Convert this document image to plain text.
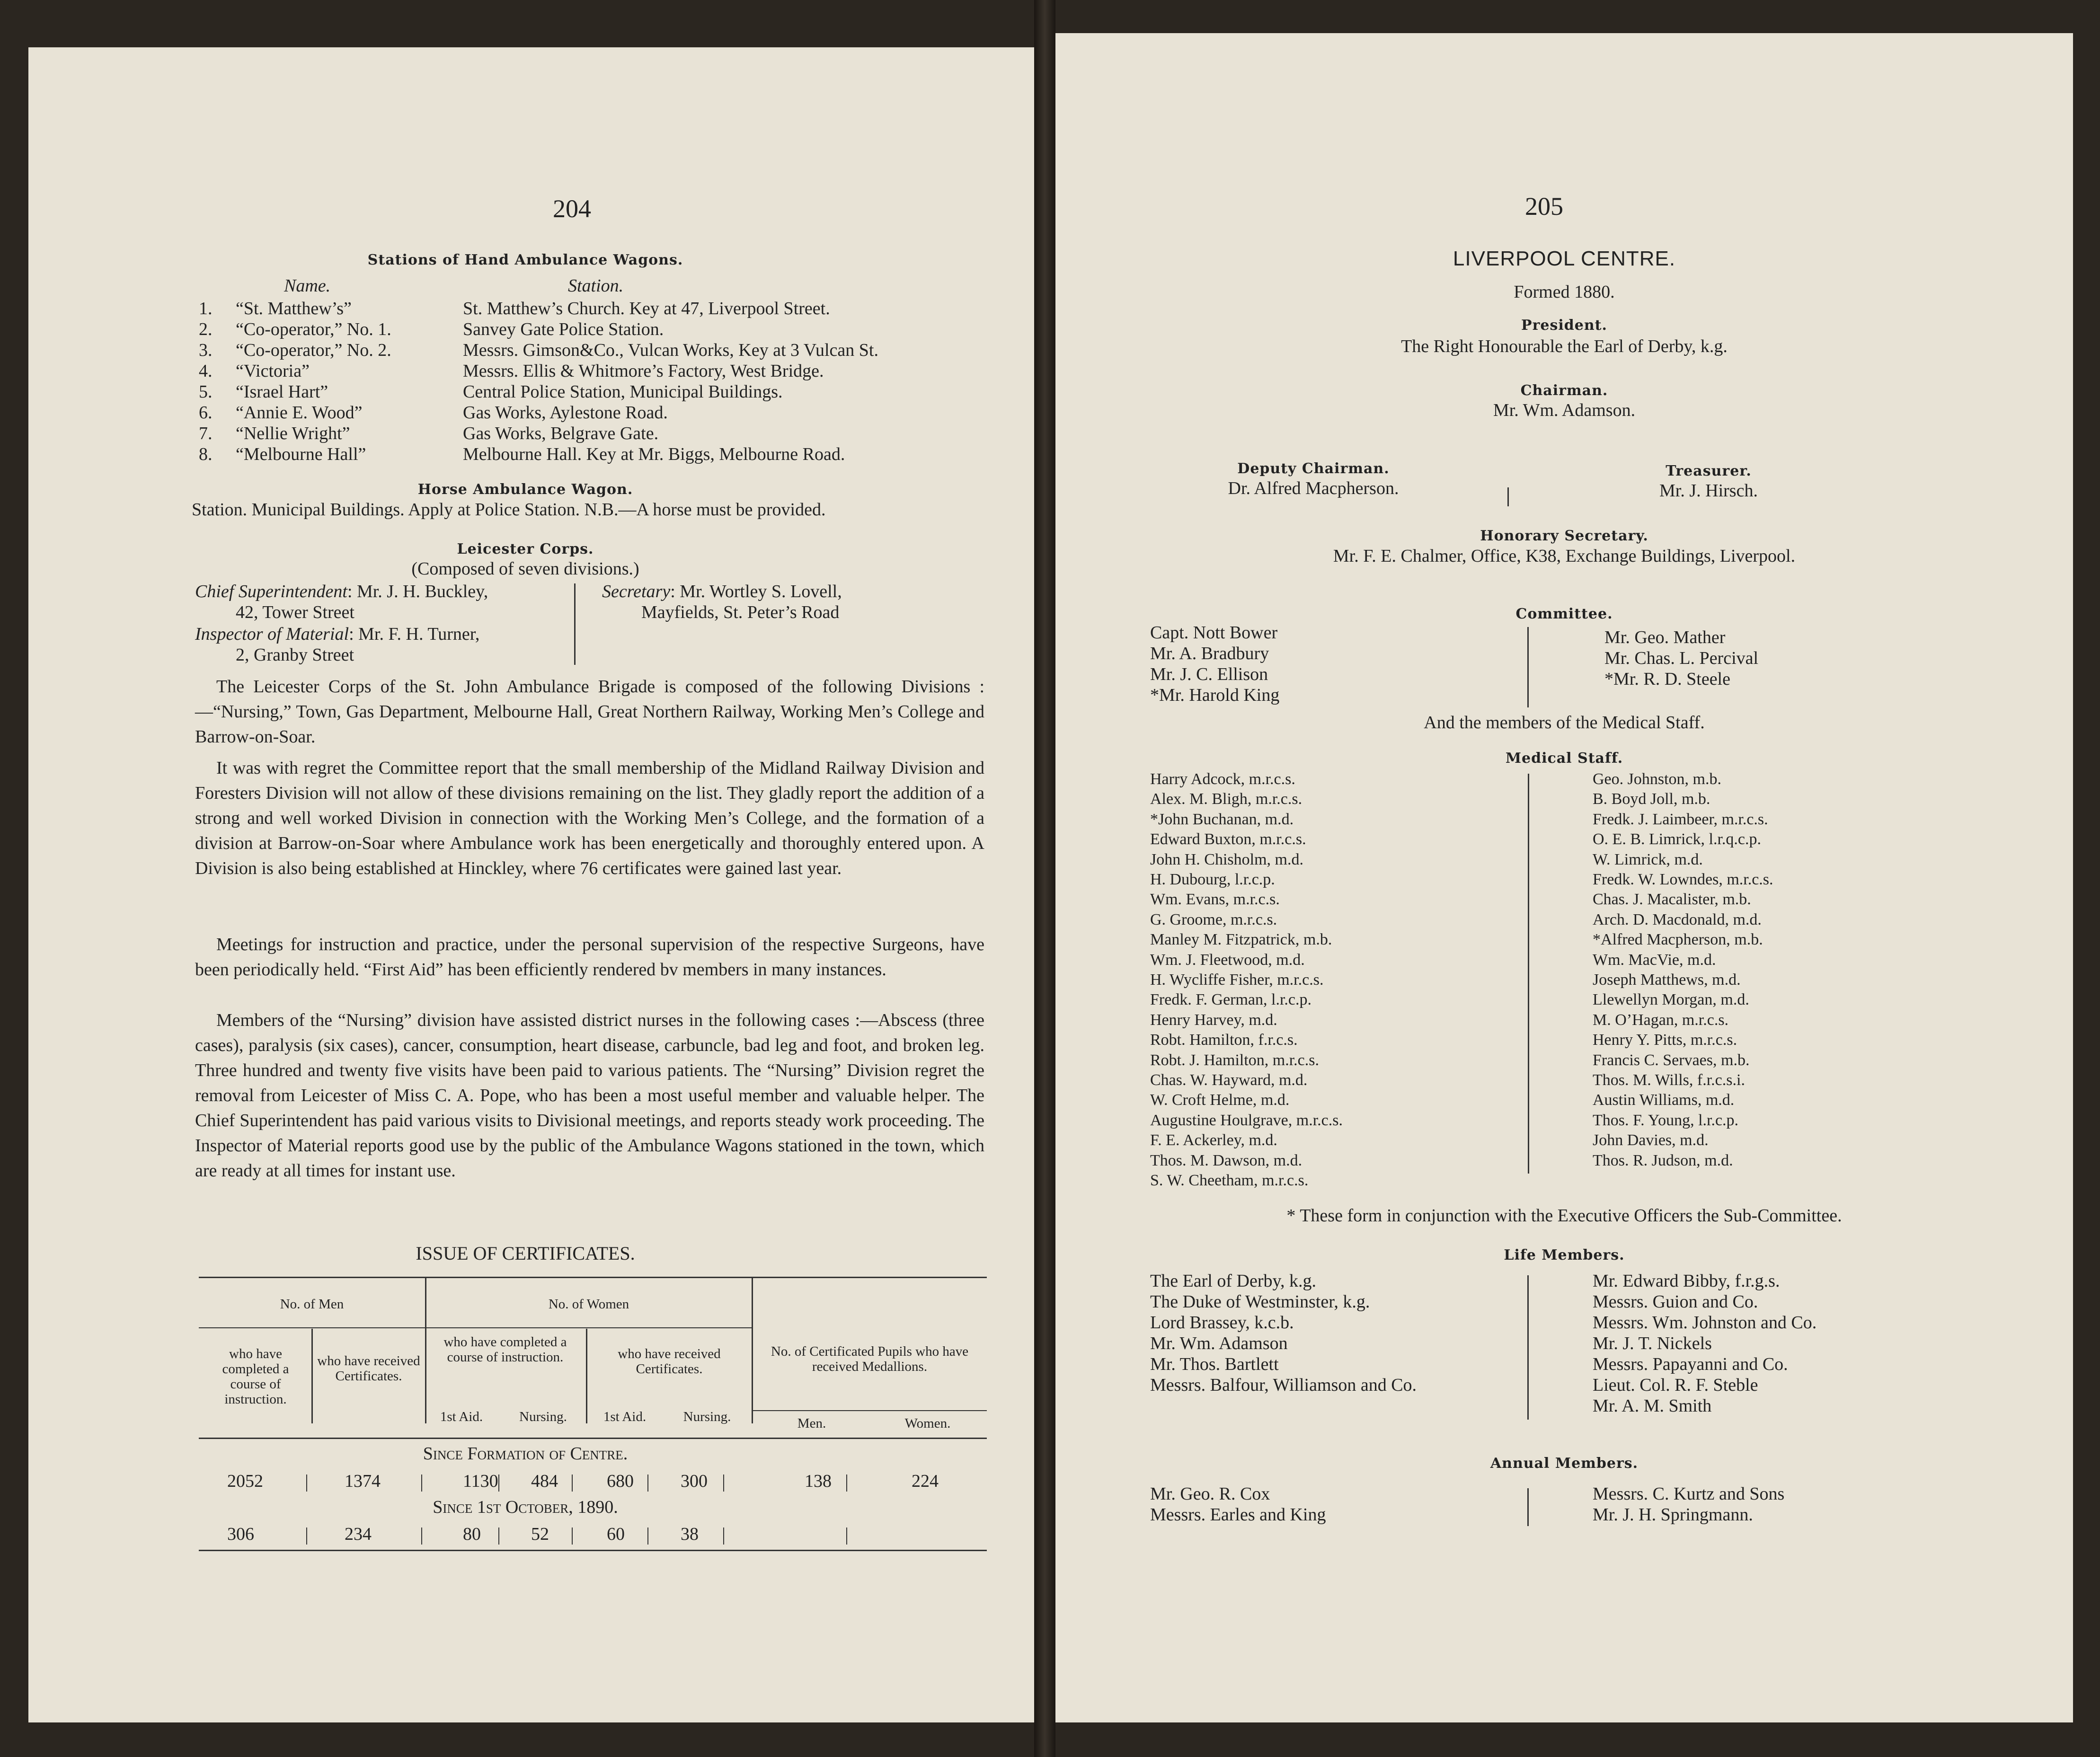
204
Stations of Hand Ambulance Wagons.
Name.	Station.
1. “St. Matthew’s”	St. Matthew’s Church. Key at 47, Liverpool Street.
2. “Co-operator,” No. 1.	Sanvey Gate Police Station.
3. “Co-operator,” No. 2.	Messrs. Gimson&Co., Vulcan Works, Key at 3 Vulcan St.
4. “Victoria”	Messrs. Ellis & Whitmore’s Factory, West Bridge.
5. “Israel Hart”	Central Police Station, Municipal Buildings.
6. “Annie E. Wood”	Gas Works, Aylestone Road.
7. “Nellie Wright”	Gas Works, Belgrave Gate.
8. “Melbourne Hall”	Melbourne Hall. Key at Mr. Biggs, Melbourne Road.
Horse Ambulance Wagon.
Station. Municipal Buildings. Apply at Police Station. N.B.—A horse must be provided.
Leicester Corps.
(Composed of seven divisions.)
Chief Superintendent: Mr. J. H. Buckley,
42, Tower Street
Inspector of Material: Mr. F. H. Turner,
2, Granby Street
Secretary: Mr. Wortley S. Lovell,
Mayfields, St. Peter’s Road
The Leicester Corps of the St. John Ambulance Brigade is composed of the following Divisions :—“Nursing,” Town, Gas Department, Melbourne Hall, Great Northern Railway, Working Men’s College and Barrow-on-Soar.
It was with regret the Committee report that the small membership of the Midland Railway Division and Foresters Division will not allow of these divisions remaining on the list. They gladly report the addition of a strong and well worked Division in connection with the Working Men’s College, and the formation of a division at Barrow-on-Soar where Ambulance work has been energetically and thoroughly entered upon. A Division is also being established at Hinckley, where 76 certificates were gained last year.
Meetings for instruction and practice, under the personal supervision of the respective Surgeons, have been periodically held. “First Aid” has been efficiently rendered bv members in many instances.
Members of the “Nursing” division have assisted district nurses in the following cases :—Abscess (three cases), paralysis (six cases), cancer, consumption, heart disease, carbuncle, bad leg and foot, and broken leg. Three hundred and twenty five visits have been paid to various patients. The “Nursing” Division regret the removal from Leicester of Miss C. A. Pope, who has been a most useful member and valuable helper. The Chief Superintendent has paid various visits to Divisional meetings, and reports steady work proceeding. The Inspector of Material reports good use by the public of the Ambulance Wagons stationed in the town, which are ready at all times for instant use.
ISSUE OF CERTIFICATES.
No. of Men	No. of Women
who have completed a course of instruction.
who have received Certificates.
who have completed a course of instruction.	who have received Certificates.
No. of Certificated Pupils who have received Medallions.
1st Aid.	Nursing.	1st Aid.	Nursing.	Men.	Women.
Since Formation of Centre.
2052	1374	1130 484	680	300	138	224
Since 1st October, 1890.
306	234	80	52	60	38
205
LIVERPOOL CENTRE.
Formed 1880.
President.
The Right Honourable the Earl of Derby, k.g.
Chairman.
Mr. Wm. Adamson.
Deputy Chairman.
Dr. Alfred Macpherson.
Treasurer.
Mr. J. Hirsch.
Honorary Secretary.
Mr. F. E. Chalmer, Office, K38, Exchange Buildings, Liverpool.
Committee.
Capt. Nott Bower
Mr. A. Bradbury
Mr. J. C. Ellison
*Mr. Harold King
Mr. Geo. Mather
Mr. Chas. L. Percival
*Mr. R. D. Steele
And the members of the Medical Staff.
Medical Staff.
Harry Adcock, m.r.c.s.
Alex. M. Bligh, m.r.c.s.
*John Buchanan, m.d.
Edward Buxton, m.r.c.s.
John H. Chisholm, m.d.
H. Dubourg, l.r.c.p.
Wm. Evans, m.r.c.s.
G. Groome, m.r.c.s.
Manley M. Fitzpatrick, m.b.
Wm. J. Fleetwood, m.d.
H. Wycliffe Fisher, m.r.c.s.
Fredk. F. German, l.r.c.p.
Henry Harvey, m.d.
Robt. Hamilton, f.r.c.s.
Robt. J. Hamilton, m.r.c.s.
Chas. W. Hayward, m.d.
W. Croft Helme, m.d.
Augustine Houlgrave, m.r.c.s.
F. E. Ackerley, m.d.
Thos. M. Dawson, m.d.
S. W. Cheetham, m.r.c.s.
Geo. Johnston, m.b.
B. Boyd Joll, m.b.
Fredk. J. Laimbeer, m.r.c.s.
O. E. B. Limrick, l.r.q.c.p.
W. Limrick, m.d.
Fredk. W. Lowndes, m.r.c.s.
Chas. J. Macalister, m.b.
Arch. D. Macdonald, m.d.
*Alfred Macpherson, m.b.
Wm. MacVie, m.d.
Joseph Matthews, m.d.
Llewellyn Morgan, m.d.
M. O’Hagan, m.r.c.s.
Henry Y. Pitts, m.r.c.s.
Francis C. Servaes, m.b.
Thos. M. Wills, f.r.c.s.i.
Austin Williams, m.d.
Thos. F. Young, l.r.c.p.
John Davies, m.d.
Thos. R. Judson, m.d.
* These form in conjunction with the Executive Officers the Sub-Committee.
Life Members.
The Earl of Derby, k.g.
The Duke of Westminster, k.g.
Lord Brassey, k.c.b.
Mr. Wm. Adamson
Mr. Thos. Bartlett
Messrs. Balfour, Williamson and Co.
Mr. Edward Bibby, f.r.g.s.
Messrs. Guion and Co.
Messrs. Wm. Johnston and Co.
Mr. J. T. Nickels
Messrs. Papayanni and Co.
Lieut. Col. R. F. Steble
Mr. A. M. Smith
Annual Members.
Mr. Geo. R. Cox
Messrs. Earles and King
Messrs. C. Kurtz and Sons
Mr. J. H. Springmann.
